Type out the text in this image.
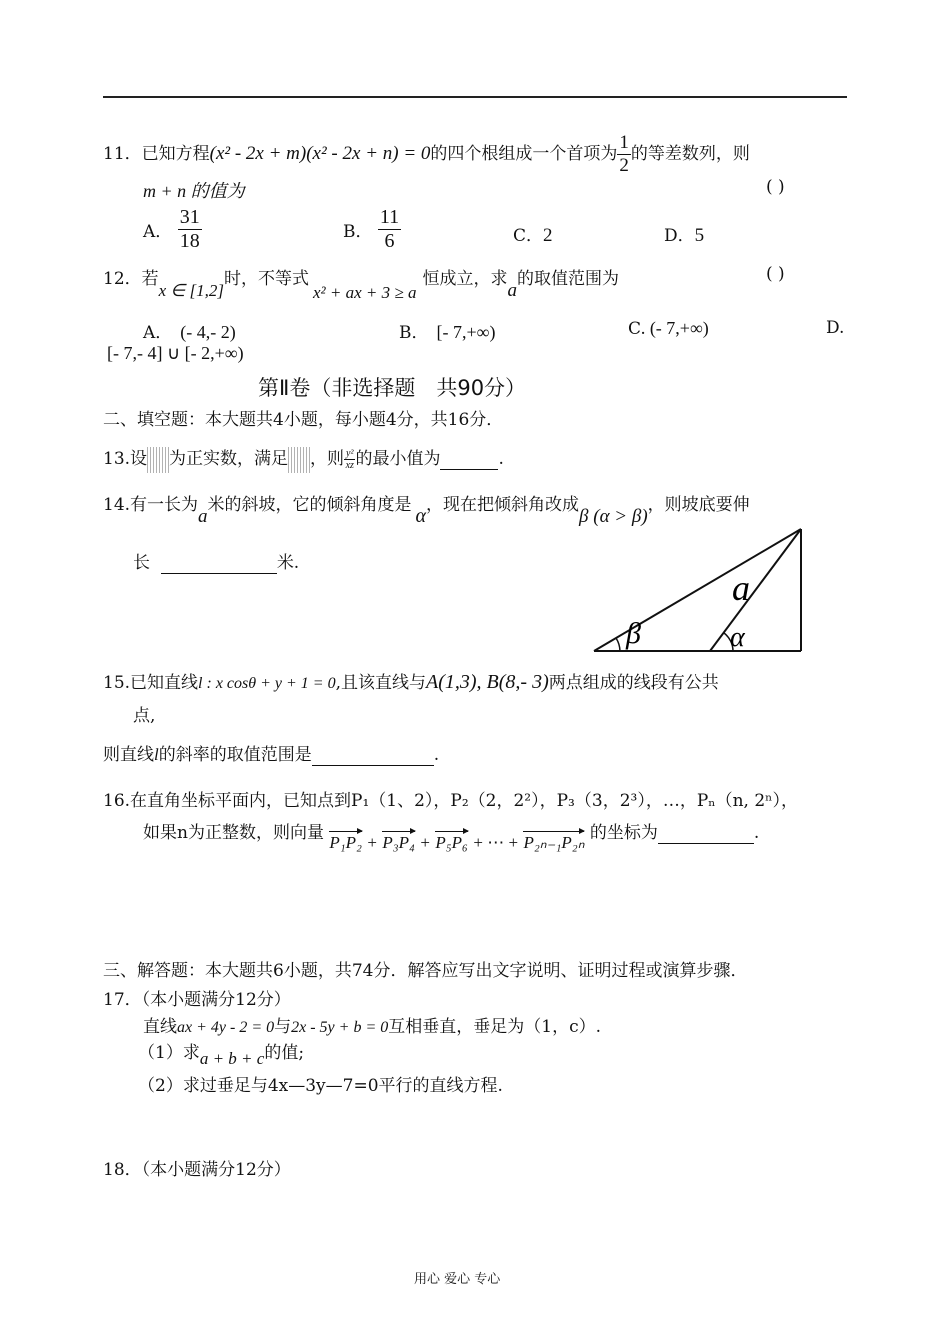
11．已知方程(x² - 2x + m)(x² - 2x + n) = 0的四个根组成一个首项为 $\frac{1}{2}$ 的等差数列，则
m + n 的值为	( )
A． $\frac{31}{18}$	B． $\frac{11}{6}$	C．2	D．5
12．若x ∈ [1,2]时，不等式x² + ax + 3 ≥ a恒成立，求a的取值范围为	( )
A． (- 4,- 2)	B． [- 7,+∞)	C. (- 7,+∞)	D.
[- 7,- 4] ∪ [- 2,+∞)
第Ⅱ卷（非选择题　共90分）
二、填空题：本大题共4小题，每小题4分，共16分．
13.设 为正实数，满足 ，则 $\frac{\text{y²}}{xz}$ 的最小值为	.
14.有一长为a米的斜坡，它的倾斜角度是 α，现在把倾斜角改成β (α > β)，则坡底要伸
长	米.
a
β	α
15.已知直线l : x cosθ + y + 1 = 0,且该直线与A(1,3), B(8,- 3)两点组成的线段有公共
点,
则直线l的斜率的取值范围是	.
16.在直角坐标平面内，已知点到P₁（1、2），P₂（2，2²），P₃（3，2³），…，Pₙ（n, 2ⁿ），
如果n为正整数，则向量 P₁P₂ + P₃P₄ + P₅P₆ + ⋯ + P₂ₙ₋₁P₂ₙ 的坐标为	.
三、解答题：本大题共6小题，共74分．解答应写出文字说明、证明过程或演算步骤．
17．（本小题满分12分）
直线ax + 4y - 2 = 0与2x - 5y + b = 0互相垂直，垂足为（1，c）.
（1）求a + b + c的值;
（2）求过垂足与4x—3y—7=0平行的直线方程.
18．（本小题满分12分）
用心 爱心 专心
